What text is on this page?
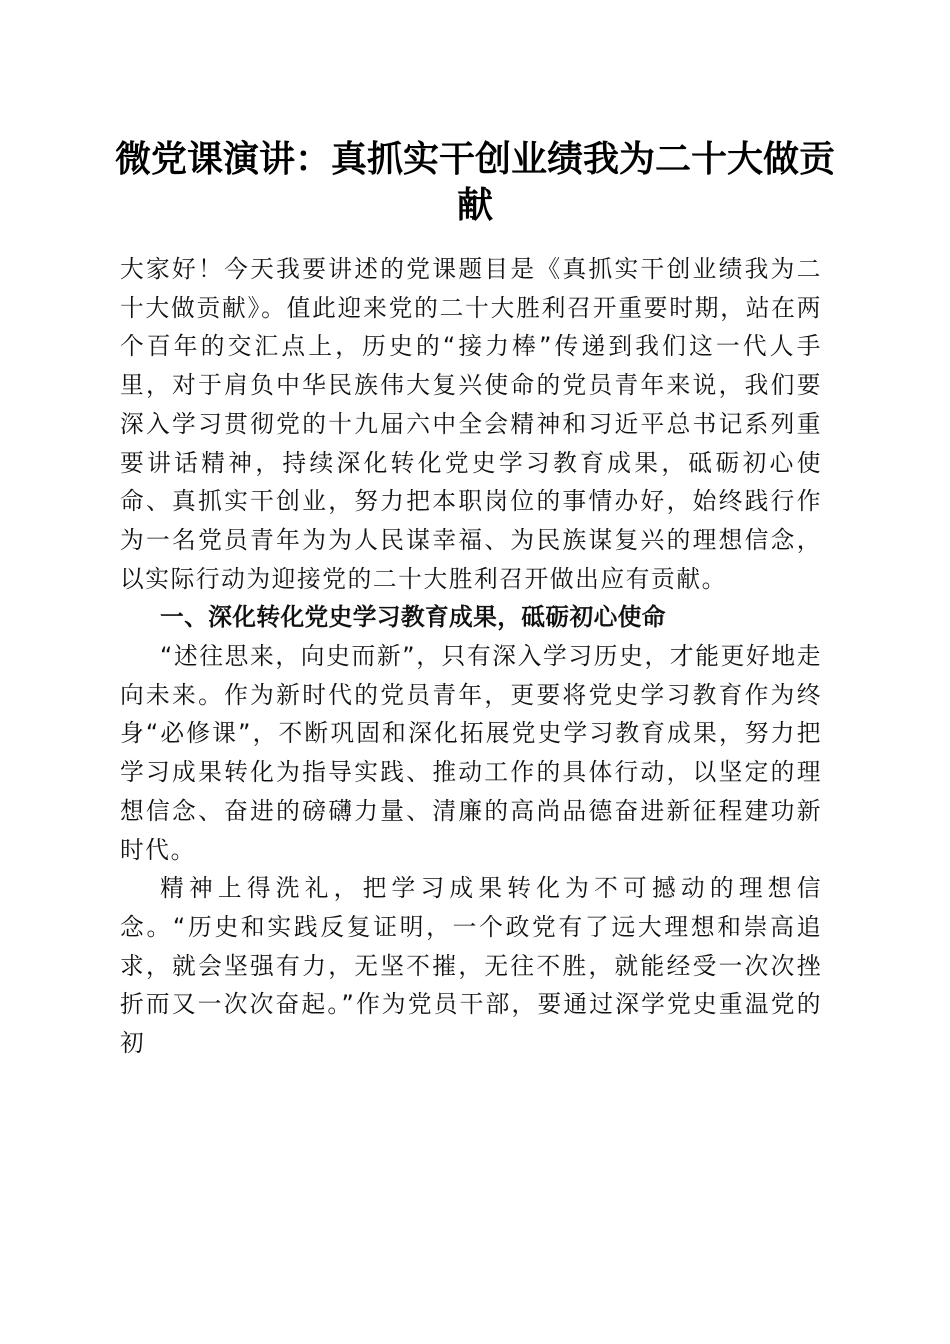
微党课演讲：真抓实干创业绩我为二十大做贡献

大家好！今天我要讲述的党课题目是《真抓实干创业绩我为二十大做贡献》。值此迎来党的二十大胜利召开重要时期，站在两个百年的交汇点上，历史的“接力棒”传递到我们这一代人手里，对于肩负中华民族伟大复兴使命的党员青年来说，我们要深入学习贯彻党的十九届六中全会精神和习近平总书记系列重要讲话精神，持续深化转化党史学习教育成果，砥砺初心使命、真抓实干创业，努力把本职岗位的事情办好，始终践行作为一名党员青年为为人民谋幸福、为民族谋复兴的理想信念，以实际行动为迎接党的二十大胜利召开做出应有贡献。

一、深化转化党史学习教育成果，砥砺初心使命

“述往思来，向史而新”，只有深入学习历史，才能更好地走向未来。作为新时代的党员青年，更要将党史学习教育作为终身“必修课”，不断巩固和深化拓展党史学习教育成果，努力把学习成果转化为指导实践、推动工作的具体行动，以坚定的理想信念、奋进的磅礴力量、清廉的高尚品德奋进新征程建功新时代。

精神上得洗礼，把学习成果转化为不可撼动的理想信念。“历史和实践反复证明，一个政党有了远大理想和崇高追求，就会坚强有力，无坚不摧，无往不胜，就能经受一次次挫折而又一次次奋起。”作为党员干部，要通过深学党史重温党的初
